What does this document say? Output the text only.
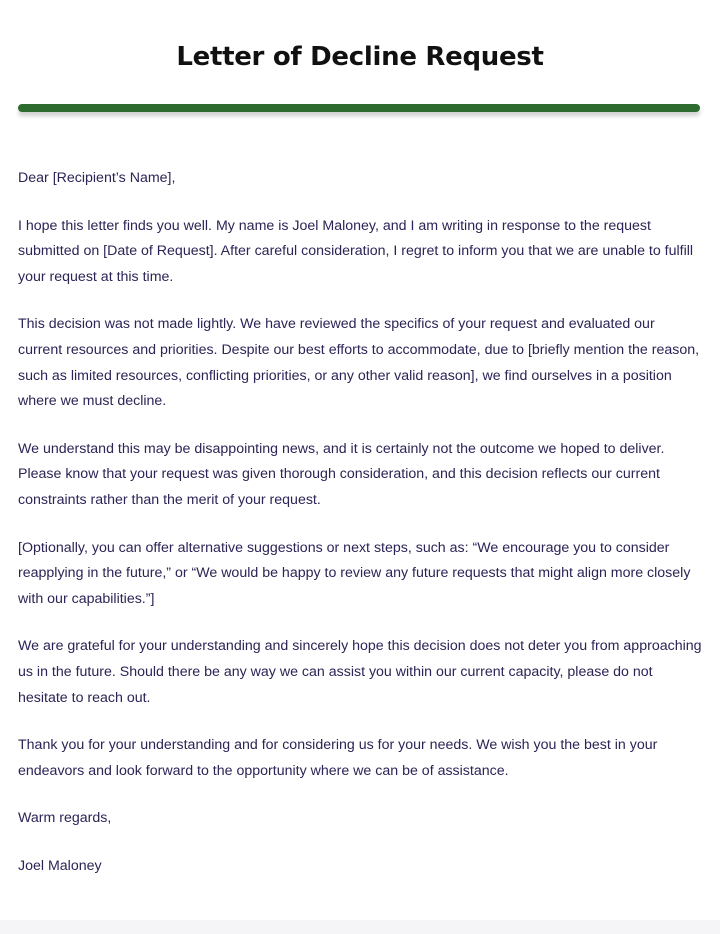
Letter of Decline Request

Dear [Recipient’s Name],

I hope this letter finds you well. My name is Joel Maloney, and I am writing in response to the request submitted on [Date of Request]. After careful consideration, I regret to inform you that we are unable to fulfill your request at this time.

This decision was not made lightly. We have reviewed the specifics of your request and evaluated our current resources and priorities. Despite our best efforts to accommodate, due to [briefly mention the reason, such as limited resources, conflicting priorities, or any other valid reason], we find ourselves in a position where we must decline.

We understand this may be disappointing news, and it is certainly not the outcome we hoped to deliver. Please know that your request was given thorough consideration, and this decision reflects our current constraints rather than the merit of your request.

[Optionally, you can offer alternative suggestions or next steps, such as: “We encourage you to consider reapplying in the future,” or “We would be happy to review any future requests that might align more closely with our capabilities.”]

We are grateful for your understanding and sincerely hope this decision does not deter you from approaching us in the future. Should there be any way we can assist you within our current capacity, please do not hesitate to reach out.

Thank you for your understanding and for considering us for your needs. We wish you the best in your endeavors and look forward to the opportunity where we can be of assistance.

Warm regards,

Joel Maloney
